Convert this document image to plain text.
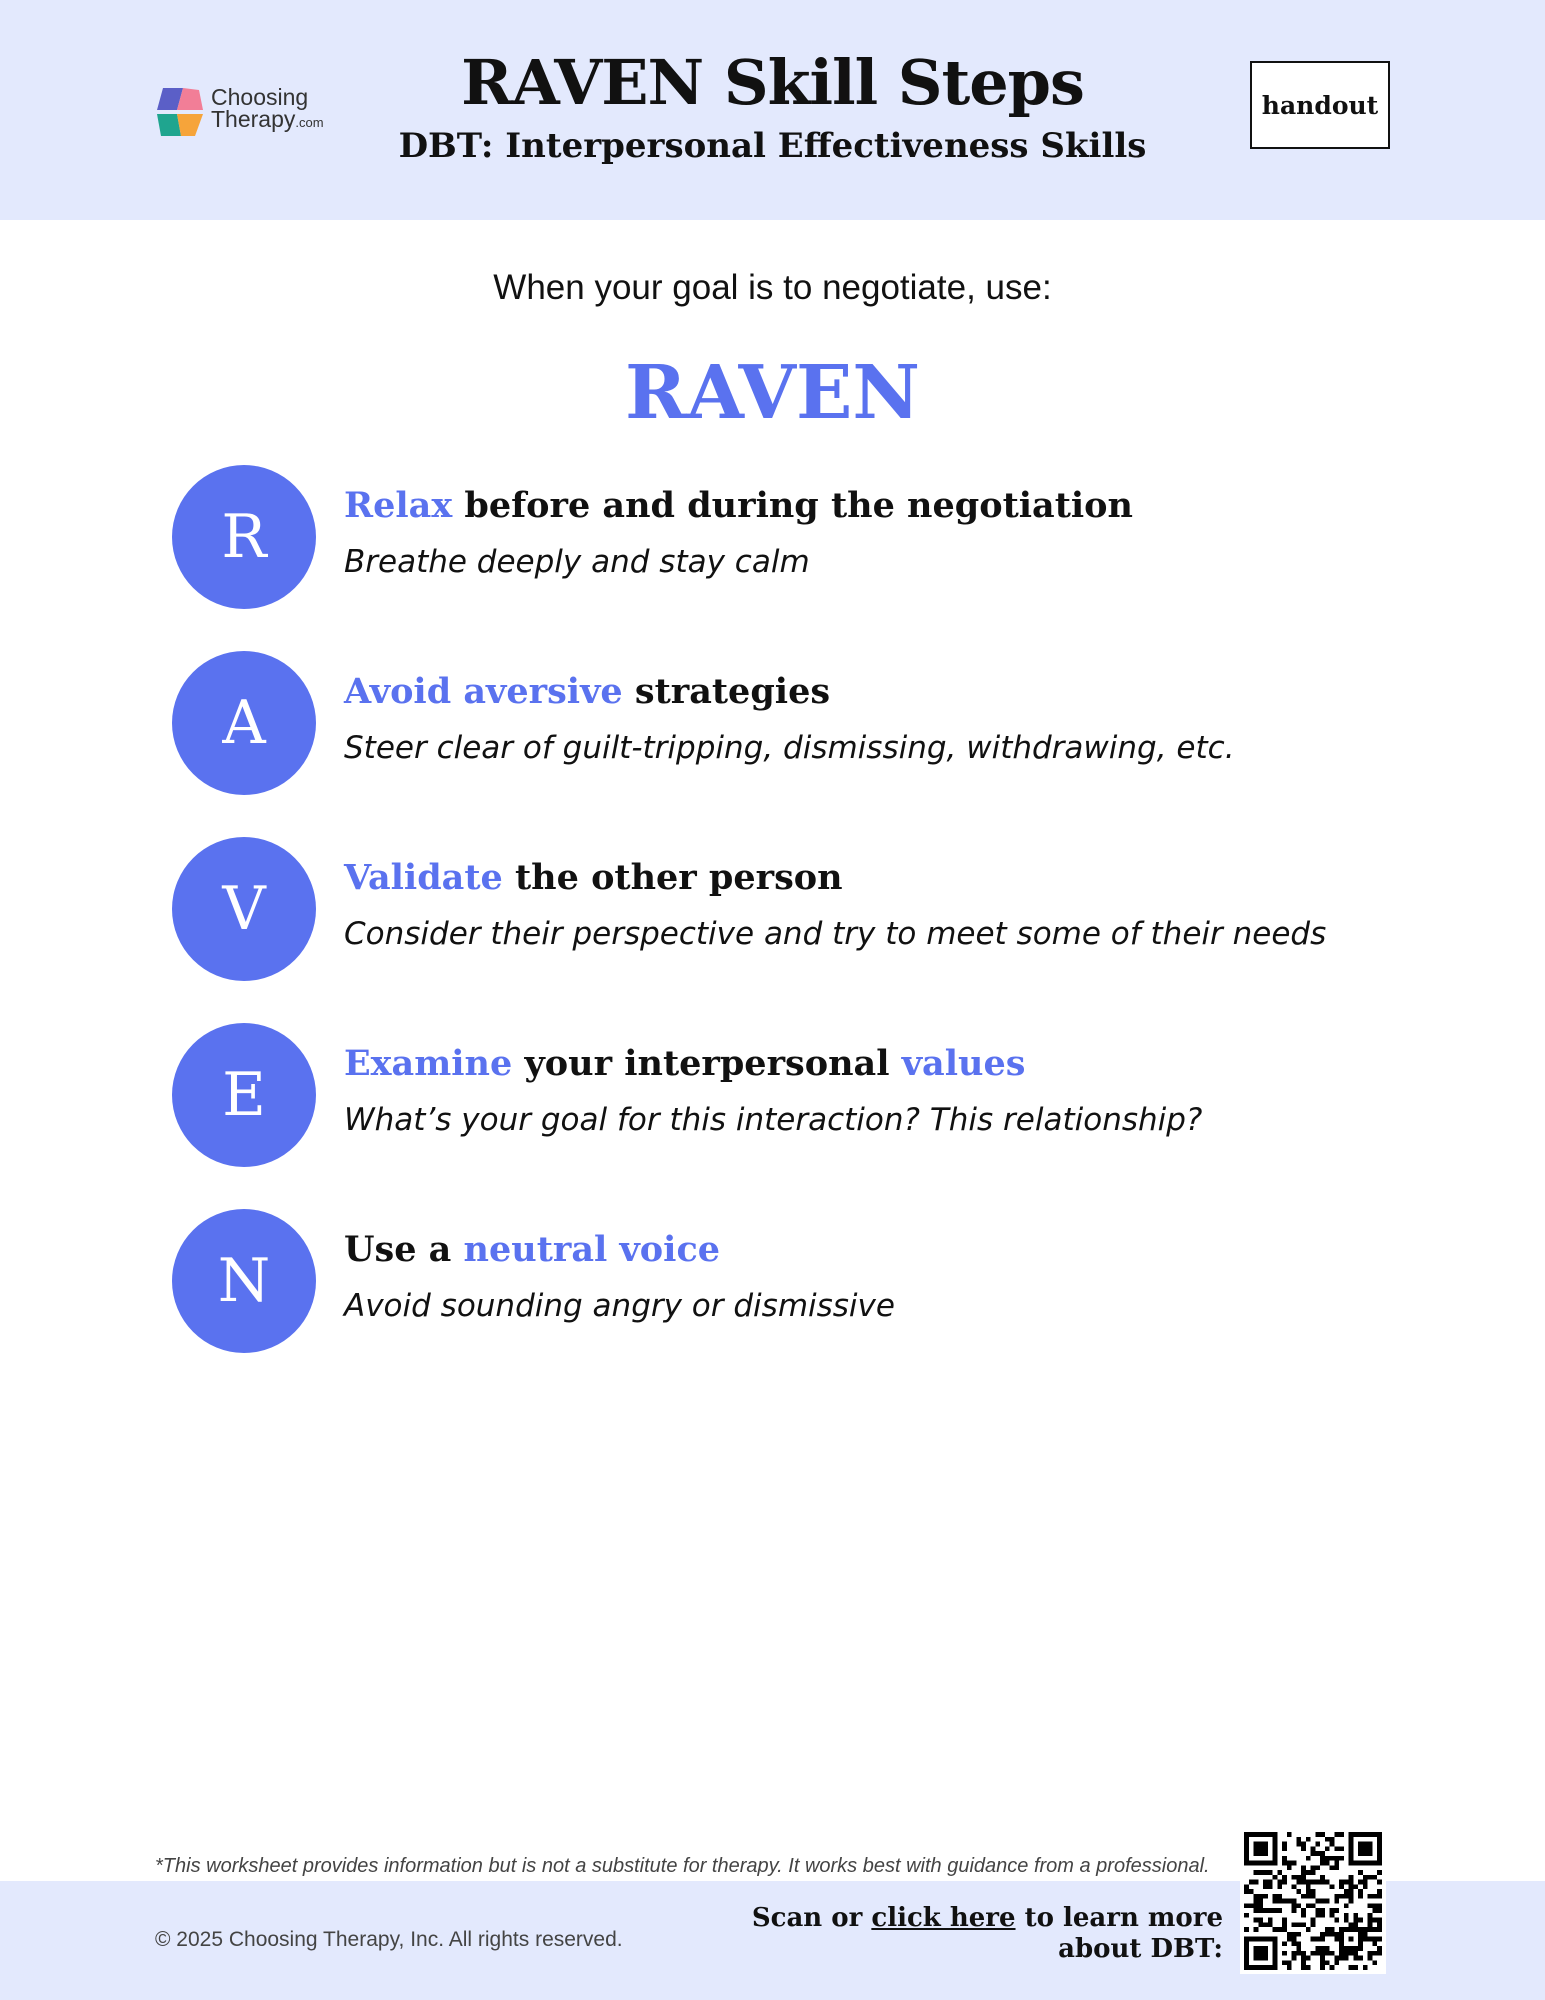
Choosing
Therapy.com
RAVEN Skill Steps
DBT: Interpersonal Effectiveness Skills
handout
When your goal is to negotiate, use:
RAVEN
R	Relax before and during the negotiation
Breathe deeply and stay calm
A	Avoid aversive strategies
Steer clear of guilt-tripping, dismissing, withdrawing, etc.
V	Validate the other person
Consider their perspective and try to meet some of their needs
E	Examine your interpersonal values
What’s your goal for this interaction? This relationship?
N	Use a neutral voice
Avoid sounding angry or dismissive
*This worksheet provides information but is not a substitute for therapy. It works best with guidance from a professional.
© 2025 Choosing Therapy, Inc. All rights reserved.
Scan or click here to learn more
about DBT:
